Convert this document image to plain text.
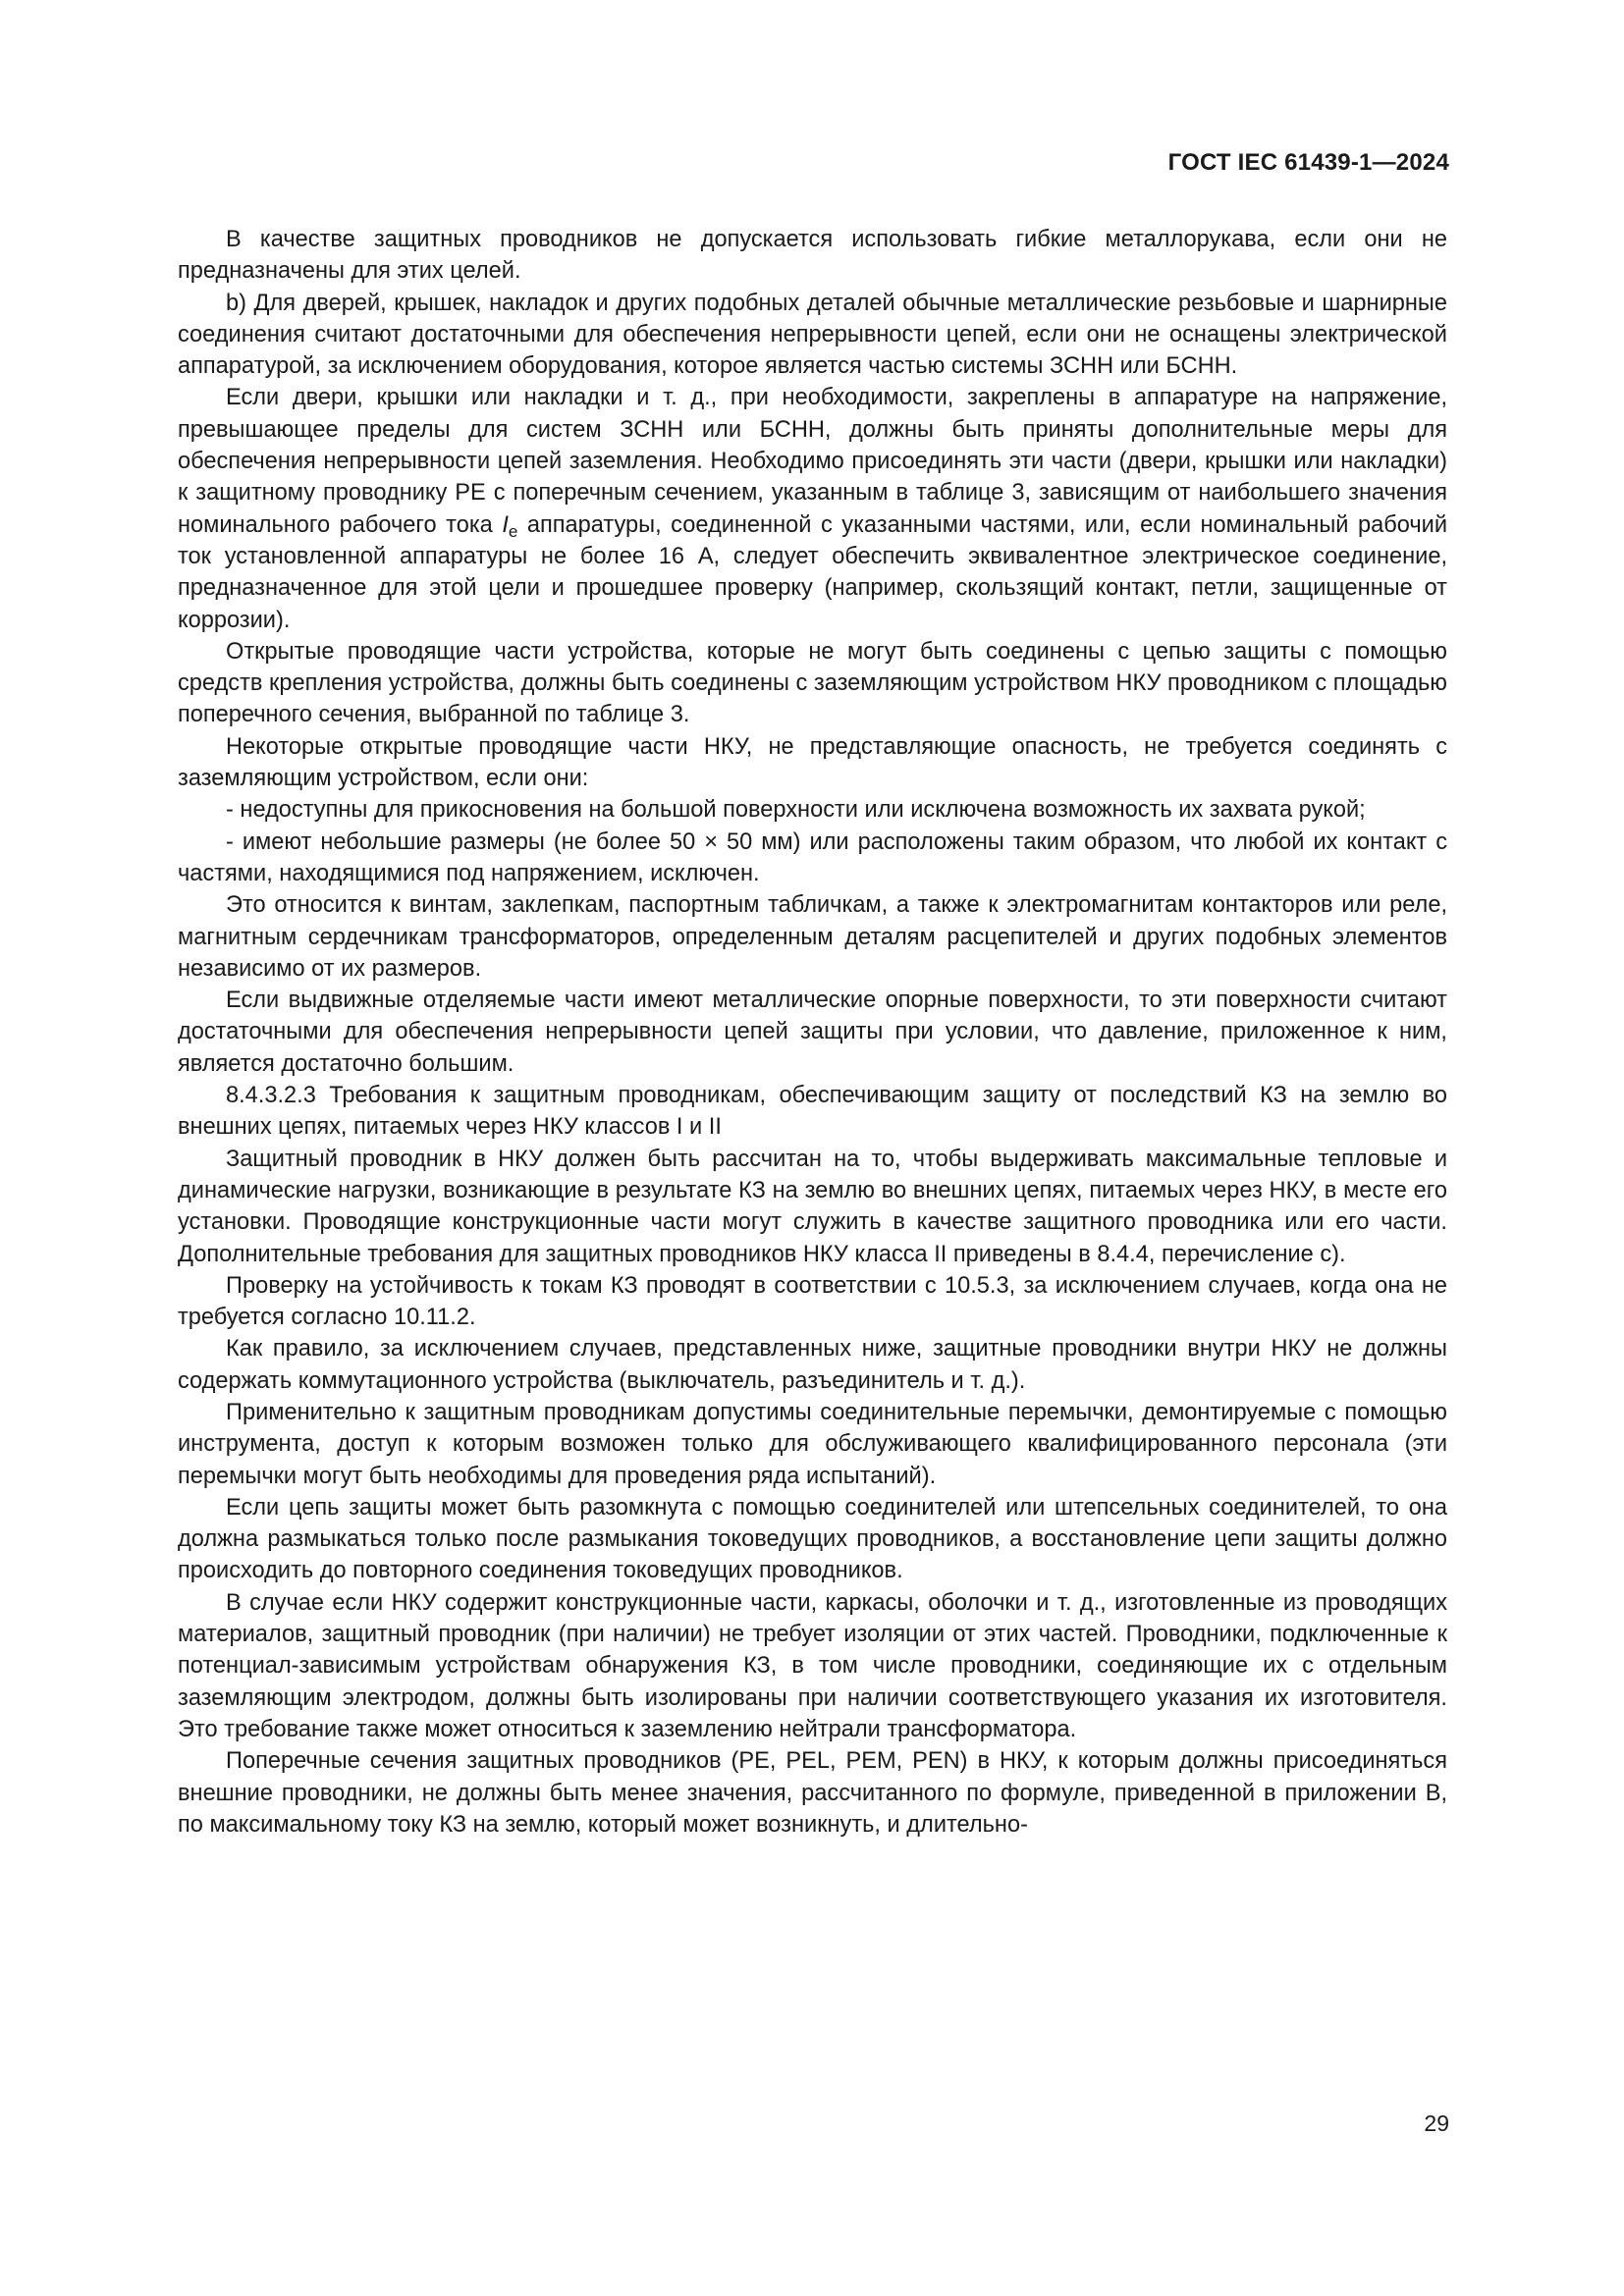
ГОСТ IEC 61439-1—2024

В качестве защитных проводников не допускается использовать гибкие металлорукава, если они не предназначены для этих целей.

b) Для дверей, крышек, накладок и других подобных деталей обычные металлические резьбовые и шарнирные соединения считают достаточными для обеспечения непрерывности цепей, если они не оснащены электрической аппаратурой, за исключением оборудования, которое является частью системы ЗСНН или БСНН.

Если двери, крышки или накладки и т. д., при необходимости, закреплены в аппаратуре на напряжение, превышающее пределы для систем ЗСНН или БСНН, должны быть приняты дополнительные меры для обеспечения непрерывности цепей заземления. Необходимо присоединять эти части (двери, крышки или накладки) к защитному проводнику PE с поперечным сечением, указанным в таблице 3, зависящим от наибольшего значения номинального рабочего тока $I_e$ аппаратуры, соединенной с указанными частями, или, если номинальный рабочий ток установленной аппаратуры не более 16 А, следует обеспечить эквивалентное электрическое соединение, предназначенное для этой цели и прошедшее проверку (например, скользящий контакт, петли, защищенные от коррозии).

Открытые проводящие части устройства, которые не могут быть соединены с цепью защиты с помощью средств крепления устройства, должны быть соединены с заземляющим устройством НКУ проводником с площадью поперечного сечения, выбранной по таблице 3.

Некоторые открытые проводящие части НКУ, не представляющие опасность, не требуется соединять с заземляющим устройством, если они:

- недоступны для прикосновения на большой поверхности или исключена возможность их захвата рукой;

- имеют небольшие размеры (не более 50 × 50 мм) или расположены таким образом, что любой их контакт с частями, находящимися под напряжением, исключен.

Это относится к винтам, заклепкам, паспортным табличкам, а также к электромагнитам контакторов или реле, магнитным сердечникам трансформаторов, определенным деталям расцепителей и других подобных элементов независимо от их размеров.

Если выдвижные отделяемые части имеют металлические опорные поверхности, то эти поверхности считают достаточными для обеспечения непрерывности цепей защиты при условии, что давление, приложенное к ним, является достаточно большим.

8.4.3.2.3 Требования к защитным проводникам, обеспечивающим защиту от последствий КЗ на землю во внешних цепях, питаемых через НКУ классов I и II

Защитный проводник в НКУ должен быть рассчитан на то, чтобы выдерживать максимальные тепловые и динамические нагрузки, возникающие в результате КЗ на землю во внешних цепях, питаемых через НКУ, в месте его установки. Проводящие конструкционные части могут служить в качестве защитного проводника или его части. Дополнительные требования для защитных проводников НКУ класса II приведены в 8.4.4, перечисление с).

Проверку на устойчивость к токам КЗ проводят в соответствии с 10.5.3, за исключением случаев, когда она не требуется согласно 10.11.2.

Как правило, за исключением случаев, представленных ниже, защитные проводники внутри НКУ не должны содержать коммутационного устройства (выключатель, разъединитель и т. д.).

Применительно к защитным проводникам допустимы соединительные перемычки, демонтируемые с помощью инструмента, доступ к которым возможен только для обслуживающего квалифицированного персонала (эти перемычки могут быть необходимы для проведения ряда испытаний).

Если цепь защиты может быть разомкнута с помощью соединителей или штепсельных соединителей, то она должна размыкаться только после размыкания токоведущих проводников, а восстановление цепи защиты должно происходить до повторного соединения токоведущих проводников.

В случае если НКУ содержит конструкционные части, каркасы, оболочки и т. д., изготовленные из проводящих материалов, защитный проводник (при наличии) не требует изоляции от этих частей. Проводники, подключенные к потенциал-зависимым устройствам обнаружения КЗ, в том числе проводники, соединяющие их с отдельным заземляющим электродом, должны быть изолированы при наличии соответствующего указания их изготовителя. Это требование также может относиться к заземлению нейтрали трансформатора.

Поперечные сечения защитных проводников (PE, PEL, PEM, PEN) в НКУ, к которым должны присоединяться внешние проводники, не должны быть менее значения, рассчитанного по формуле, приведенной в приложении В, по максимальному току КЗ на землю, который может возникнуть, и длительно-

29
